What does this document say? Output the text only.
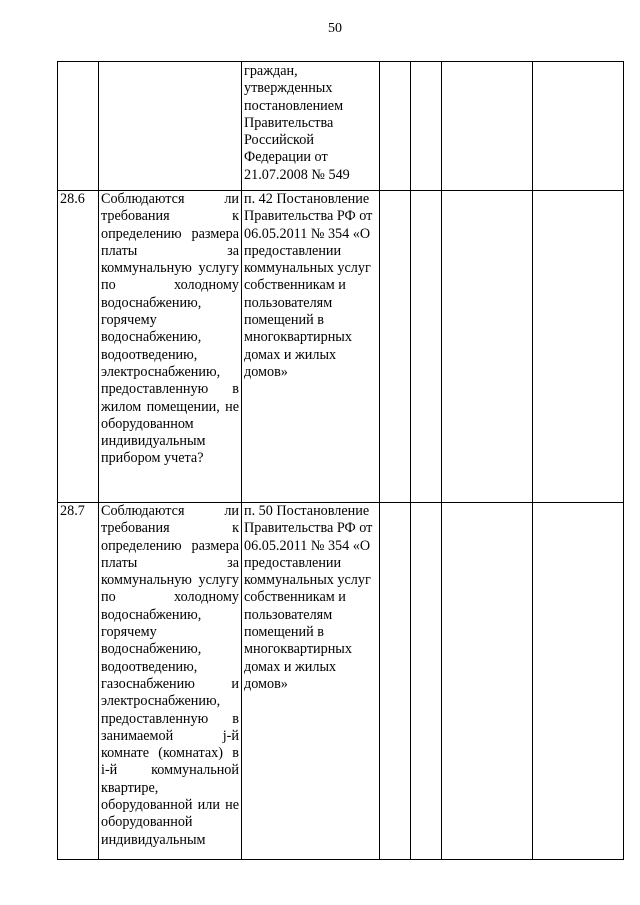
50

		граждан, утвержденных постановлением Правительства Российской Федерации от 21.07.2008 № 549				

28.6	Соблюдаются ли требования к определению размера платы за коммунальную услугу по холодному водоснабжению, горячему водоснабжению, водоотведению, электроснабжению, предоставленную в жилом помещении, не оборудованном индивидуальным прибором учета?	п. 42 Постановление Правительства РФ от 06.05.2011 № 354 «О предоставлении коммунальных услуг собственникам и пользователям помещений в многоквартирных домах и жилых домов»				
28.7	Соблюдаются ли требования к определению размера платы за коммунальную услугу по холодному водоснабжению, горячему водоснабжению, водоотведению, газоснабжению и электроснабжению, предоставленную в занимаемой j-й комнате (комнатах) в i-й коммунальной квартире, оборудованной или не оборудованной индивидуальным	п. 50 Постановление Правительства РФ от 06.05.2011 № 354 «О предоставлении коммунальных услуг собственникам и пользователям помещений в многоквартирных домах и жилых домов»				
